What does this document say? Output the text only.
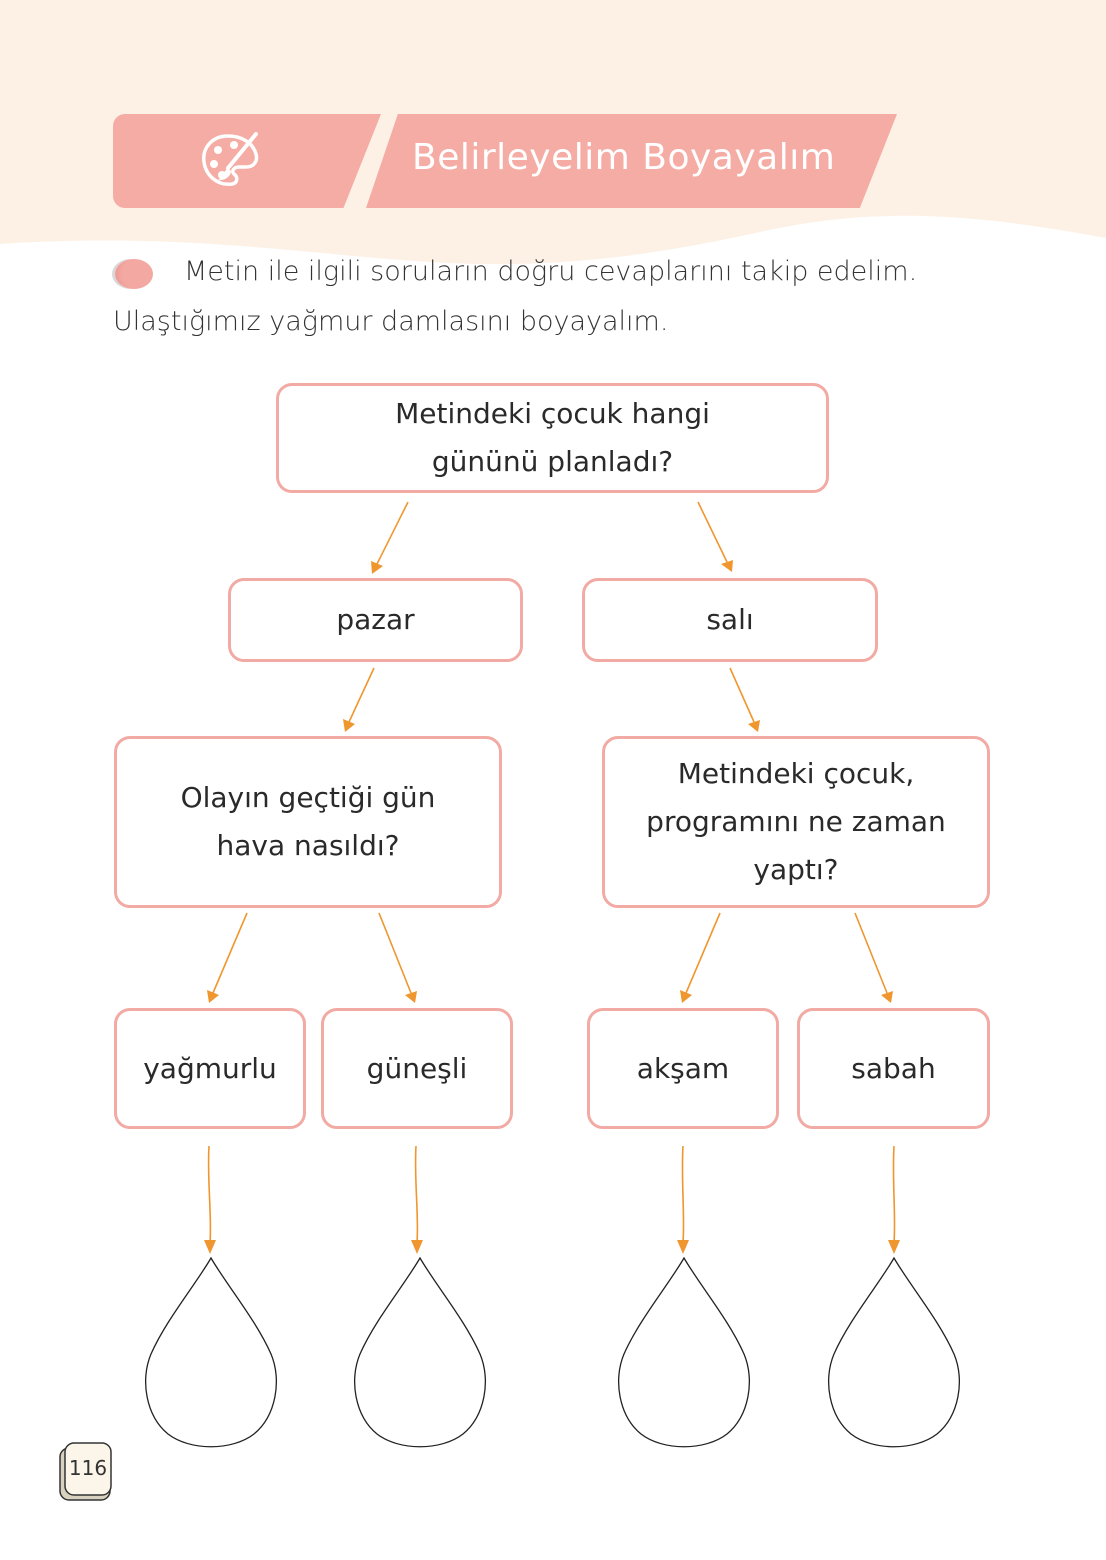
Belirleyelim Boyayalım
Metin ile ilgili soruların doğru cevaplarını takip edelim.
Ulaştığımız yağmur damlasını boyayalım.
Metindeki çocuk hangi
gününü planladı?
pazar	salı
Olayın geçtiği gün
hava nasıldı?
Metindeki çocuk,
programını ne zaman
yaptı?
yağmurlu	güneşli	akşam	sabah
116
